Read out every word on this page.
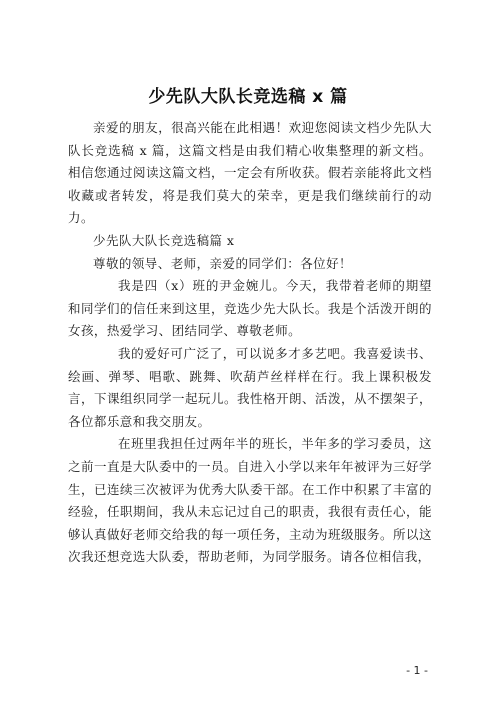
少先队大队长竞选稿 x 篇

亲爱的朋友，很高兴能在此相遇！欢迎您阅读文档少先队大队长竞选稿 x 篇，这篇文档是由我们精心收集整理的新文档。相信您通过阅读这篇文档，一定会有所收获。假若亲能将此文档收藏或者转发，将是我们莫大的荣幸，更是我们继续前行的动力。

少先队大队长竞选稿篇 x

尊敬的领导、老师，亲爱的同学们：各位好！

我是四（x）班的尹金婉儿。今天，我带着老师的期望和同学们的信任来到这里，竞选少先大队长。我是个活泼开朗的女孩，热爱学习、团结同学、尊敬老师。

我的爱好可广泛了，可以说多才多艺吧。我喜爱读书、绘画、弹琴、唱歌、跳舞、吹葫芦丝样样在行。我上课积极发言，下课组织同学一起玩儿。我性格开朗、活泼，从不摆架子，各位都乐意和我交朋友。

在班里我担任过两年半的班长，半年多的学习委员，这之前一直是大队委中的一员。自进入小学以来年年被评为三好学生，已连续三次被评为优秀大队委干部。在工作中积累了丰富的经验，任职期间，我从未忘记过自己的职责，我很有责任心，能够认真做好老师交给我的每一项任务，主动为班级服务。所以这次我还想竞选大队委，帮助老师，为同学服务。请各位相信我，

- 1 -
